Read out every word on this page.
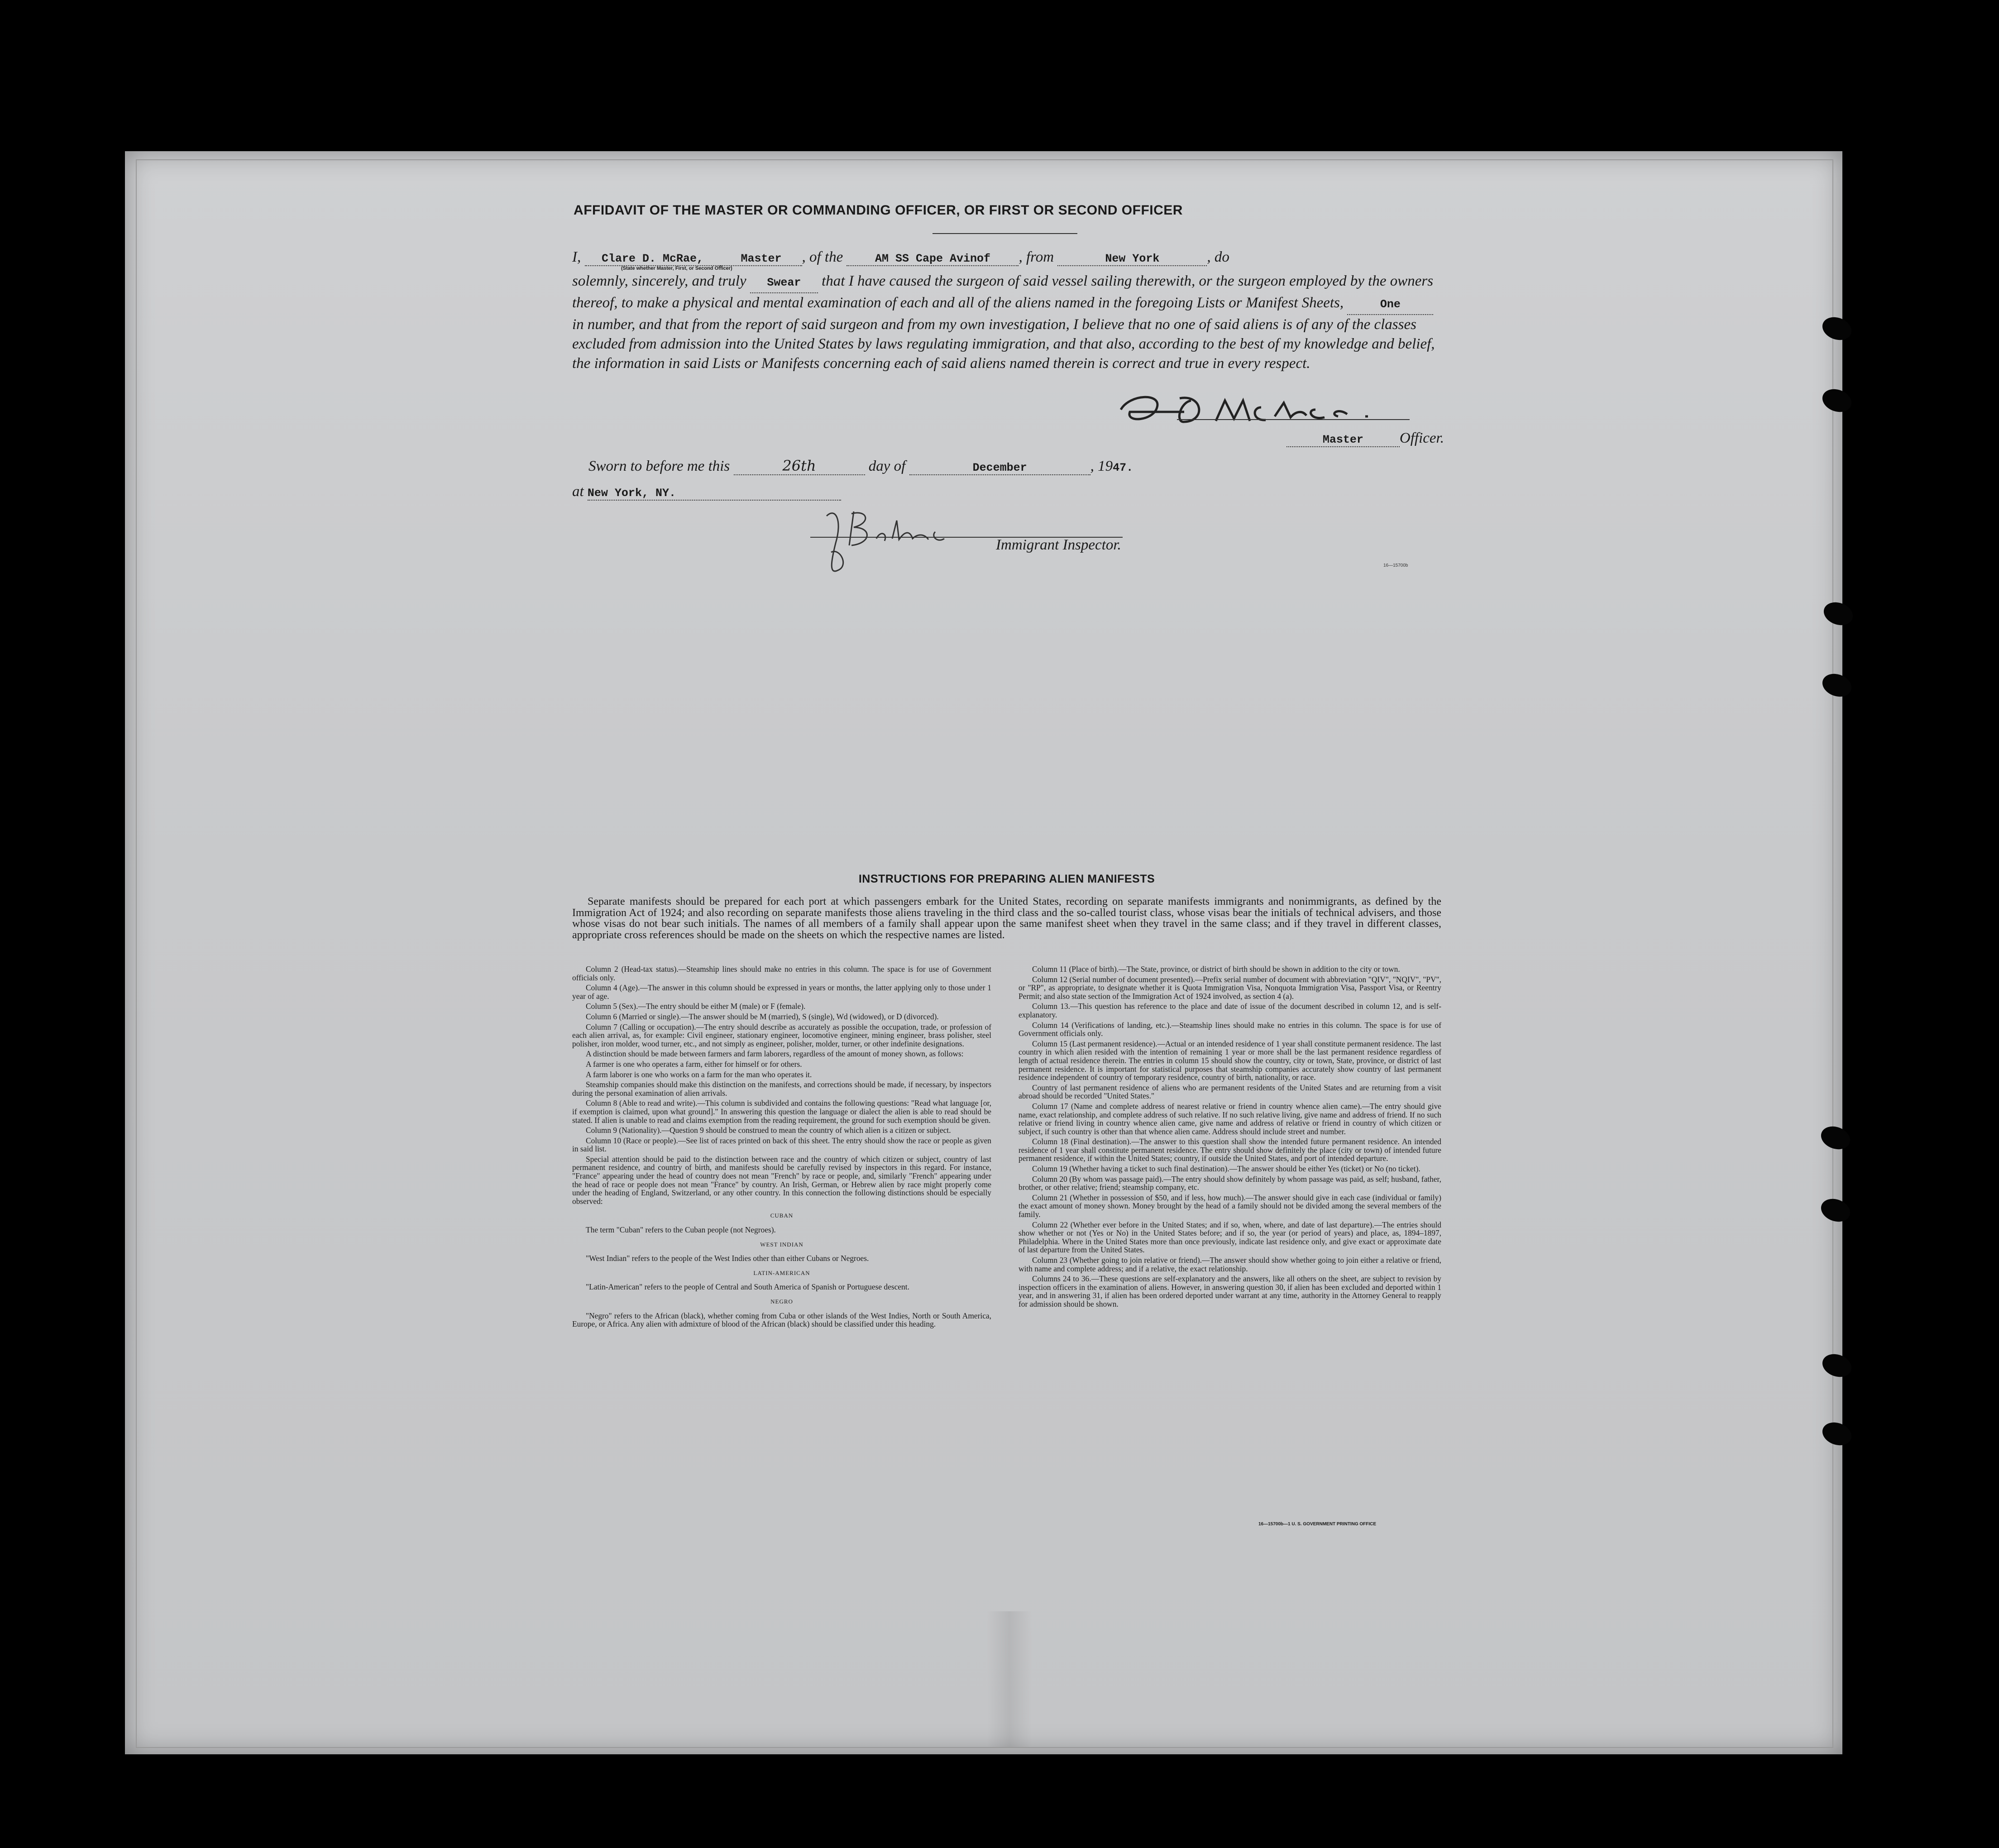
AFFIDAVIT OF THE MASTER OR COMMANDING OFFICER, OR FIRST OR SECOND OFFICER
I, Clare D. McRae,	Master , of the	AM SS Cape Avinof , from	New York	, do
(State whether Master, First, or Second Officer)
solemnly, sincerely, and truly Swear that I have caused the surgeon of said vessel sailing therewith, or the surgeon employed by the owners thereof, to make a physical and mental examination of each and all of the aliens named in the foregoing Lists or Manifest Sheets,	One in number, and that from the report of said surgeon and from my own investigation, I believe that no one of said aliens is of any of the classes excluded from admission into the United States by laws regulating immigration, and that also, according to the best of my knowledge and belief, the information in said Lists or Manifests concerning each of said aliens named therein is correct and true in every respect.
Master Officer.
Sworn to before me this	26th	day of	December	, 1947.
at New York, NY.
Immigrant Inspector.
16—15700b
INSTRUCTIONS FOR PREPARING ALIEN MANIFESTS
Separate manifests should be prepared for each port at which passengers embark for the United States, recording on separate manifests immigrants and nonimmigrants, as defined by the Immigration Act of 1924; and also recording on separate manifests those aliens traveling in the third class and the so-called tourist class, whose visas bear the initials of technical advisers, and those whose visas do not bear such initials. The names of all members of a family shall appear upon the same manifest sheet when they travel in the same class; and if they travel in different classes, appropriate cross references should be made on the sheets on which the respective names are listed.

Column 2 (Head-tax status).—Steamship lines should make no entries in this column. The space is for use of Government officials only.

Column 4 (Age).—The answer in this column should be expressed in years or months, the latter applying only to those under 1 year of age.

Column 5 (Sex).—The entry should be either M (male) or F (female).

Column 6 (Married or single).—The answer should be M (married), S (single), Wd (widowed), or D (divorced).

Column 7 (Calling or occupation).—The entry should describe as accurately as possible the occupation, trade, or profession of each alien arrival, as, for example: Civil engineer, stationary engineer, locomotive engineer, mining engineer, brass polisher, steel polisher, iron molder, wood turner, etc., and not simply as engineer, polisher, molder, turner, or other indefinite designations.

A distinction should be made between farmers and farm laborers, regardless of the amount of money shown, as follows:

A farmer is one who operates a farm, either for himself or for others.

A farm laborer is one who works on a farm for the man who operates it.

Steamship companies should make this distinction on the manifests, and corrections should be made, if necessary, by inspectors during the personal examination of alien arrivals.

Column 8 (Able to read and write).—This column is subdivided and contains the following questions: "Read what language [or, if exemption is claimed, upon what ground]." In answering this question the language or dialect the alien is able to read should be stated. If alien is unable to read and claims exemption from the reading requirement, the ground for such exemption should be given.

Column 9 (Nationality).—Question 9 should be construed to mean the country of which alien is a citizen or subject.

Column 10 (Race or people).—See list of races printed on back of this sheet. The entry should show the race or people as given in said list.

Special attention should be paid to the distinction between race and the country of which citizen or subject, country of last permanent residence, and country of birth, and manifests should be carefully revised by inspectors in this regard. For instance, "France" appearing under the head of country does not mean "French" by race or people, and, similarly "French" appearing under the head of race or people does not mean "France" by country. An Irish, German, or Hebrew alien by race might properly come under the heading of England, Switzerland, or any other country. In this connection the following distinctions should be especially observed:

CUBAN

The term "Cuban" refers to the Cuban people (not Negroes).

WEST INDIAN

"West Indian" refers to the people of the West Indies other than either Cubans or Negroes.

LATIN-AMERICAN

"Latin-American" refers to the people of Central and South America of Spanish or Portuguese descent.

NEGRO

"Negro" refers to the African (black), whether coming from Cuba or other islands of the West Indies, North or South America, Europe, or Africa. Any alien with admixture of blood of the African (black) should be classified under this heading.

Column 11 (Place of birth).—The State, province, or district of birth should be shown in addition to the city or town.

Column 12 (Serial number of document presented).—Prefix serial number of document with abbreviation "QIV", "NQIV", "PV", or "RP", as appropriate, to designate whether it is Quota Immigration Visa, Nonquota Immigration Visa, Passport Visa, or Reentry Permit; and also state section of the Immigration Act of 1924 involved, as section 4 (a).

Column 13.—This question has reference to the place and date of issue of the document described in column 12, and is self-explanatory.

Column 14 (Verifications of landing, etc.).—Steamship lines should make no entries in this column. The space is for use of Government officials only.

Column 15 (Last permanent residence).—Actual or an intended residence of 1 year shall constitute permanent residence. The last country in which alien resided with the intention of remaining 1 year or more shall be the last permanent residence regardless of length of actual residence therein. The entries in column 15 should show the country, city or town, State, province, or district of last permanent residence. It is important for statistical purposes that steamship companies accurately show country of last permanent residence independent of country of temporary residence, country of birth, nationality, or race.

Country of last permanent residence of aliens who are permanent residents of the United States and are returning from a visit abroad should be recorded "United States."

Column 17 (Name and complete address of nearest relative or friend in country whence alien came).—The entry should give name, exact relationship, and complete address of such relative. If no such relative living, give name and address of friend. If no such relative or friend living in country whence alien came, give name and address of relative or friend in country of which citizen or subject, if such country is other than that whence alien came. Address should include street and number.

Column 18 (Final destination).—The answer to this question shall show the intended future permanent residence. An intended residence of 1 year shall constitute permanent residence. The entry should show definitely the place (city or town) of intended future permanent residence, if within the United States; country, if outside the United States, and port of intended departure.

Column 19 (Whether having a ticket to such final destination).—The answer should be either Yes (ticket) or No (no ticket).

Column 20 (By whom was passage paid).—The entry should show definitely by whom passage was paid, as self; husband, father, brother, or other relative; friend; steamship company, etc.

Column 21 (Whether in possession of $50, and if less, how much).—The answer should give in each case (individual or family) the exact amount of money shown. Money brought by the head of a family should not be divided among the several members of the family.

Column 22 (Whether ever before in the United States; and if so, when, where, and date of last departure).—The entries should show whether or not (Yes or No) in the United States before; and if so, the year (or period of years) and place, as, 1894–1897, Philadelphia. Where in the United States more than once previously, indicate last residence only, and give exact or approximate date of last departure from the United States.

Column 23 (Whether going to join relative or friend).—The answer should show whether going to join either a relative or friend, with name and complete address; and if a relative, the exact relationship.

Columns 24 to 36.—These questions are self-explanatory and the answers, like all others on the sheet, are subject to revision by inspection officers in the examination of aliens. However, in answering question 30, if alien has been excluded and deported within 1 year, and in answering 31, if alien has been ordered deported under warrant at any time, authority in the Attorney General to reapply for admission should be shown.

16—15700b—1 U. S. GOVERNMENT PRINTING OFFICE
